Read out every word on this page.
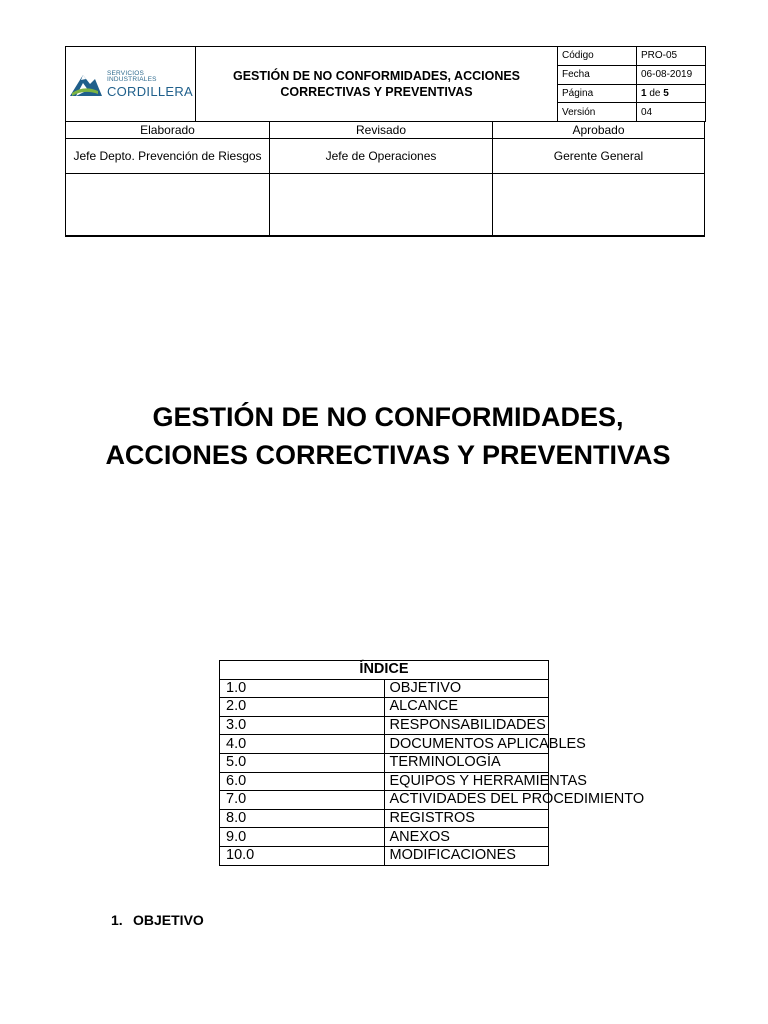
SERVICIOS
INDUSTRIALES
CORDILLERA	GESTIÓN DE NO CONFORMIDADES, ACCIONES CORRECTIVAS Y PREVENTIVAS	Código	PRO-05
		Fecha	06-08-2019
		Página	1 de 5
		Versión	04
Elaborado	Revisado	Aprobado
Jefe Depto. Prevención de Riesgos	Jefe de Operaciones	Gerente General

GESTIÓN DE NO CONFORMIDADES, ACCIONES CORRECTIVAS Y PREVENTIVAS
ÍNDICE	
1.0	OBJETIVO
2.0	ALCANCE
3.0	RESPONSABILIDADES
4.0	DOCUMENTOS APLICABLES
5.0	TERMINOLOGÍA
6.0	EQUIPOS Y HERRAMIENTAS
7.0	ACTIVIDADES DEL PROCEDIMIENTO
8.0	REGISTROS
9.0	ANEXOS
10.0	MODIFICACIONES
1. OBJETIVO
